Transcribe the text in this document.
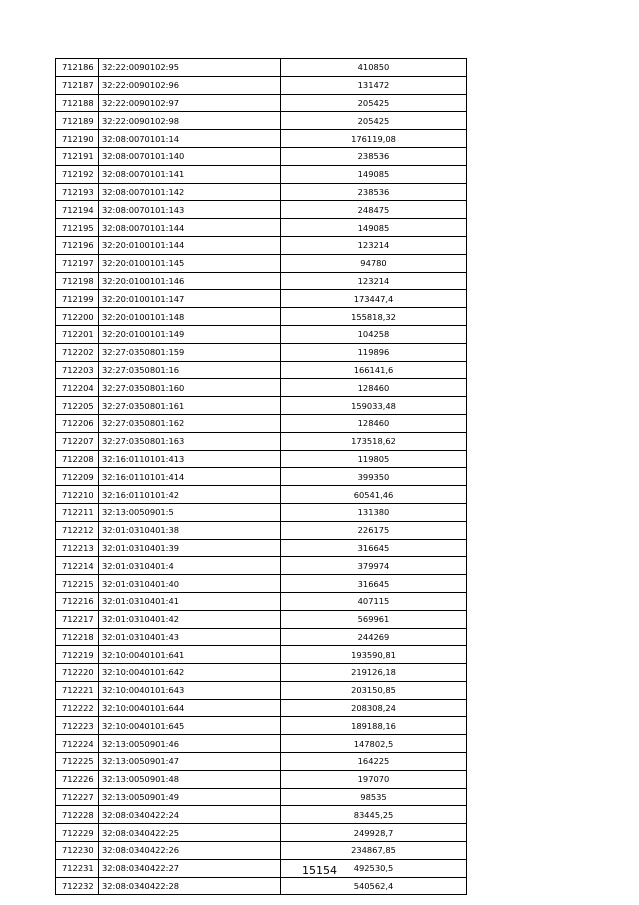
712186	32:22:0090102:95	410850
712187	32:22:0090102:96	131472
712188	32:22:0090102:97	205425
712189	32:22:0090102:98	205425
712190	32:08:0070101:14	176119,08
712191	32:08:0070101:140	238536
712192	32:08:0070101:141	149085
712193	32:08:0070101:142	238536
712194	32:08:0070101:143	248475
712195	32:08:0070101:144	149085
712196	32:20:0100101:144	123214
712197	32:20:0100101:145	94780
712198	32:20:0100101:146	123214
712199	32:20:0100101:147	173447,4
712200	32:20:0100101:148	155818,32
712201	32:20:0100101:149	104258
712202	32:27:0350801:159	119896
712203	32:27:0350801:16	166141,6
712204	32:27:0350801:160	128460
712205	32:27:0350801:161	159033,48
712206	32:27:0350801:162	128460
712207	32:27:0350801:163	173518,62
712208	32:16:0110101:413	119805
712209	32:16:0110101:414	399350
712210	32:16:0110101:42	60541,46
712211	32:13:0050901:5	131380
712212	32:01:0310401:38	226175
712213	32:01:0310401:39	316645
712214	32:01:0310401:4	379974
712215	32:01:0310401:40	316645
712216	32:01:0310401:41	407115
712217	32:01:0310401:42	569961
712218	32:01:0310401:43	244269
712219	32:10:0040101:641	193590,81
712220	32:10:0040101:642	219126,18
712221	32:10:0040101:643	203150,85
712222	32:10:0040101:644	208308,24
712223	32:10:0040101:645	189188,16
712224	32:13:0050901:46	147802,5
712225	32:13:0050901:47	164225
712226	32:13:0050901:48	197070
712227	32:13:0050901:49	98535
712228	32:08:0340422:24	83445,25
712229	32:08:0340422:25	249928,7
712230	32:08:0340422:26	234867,85
712231	32:08:0340422:27	492530,5
712232	32:08:0340422:28	540562,4
15154
